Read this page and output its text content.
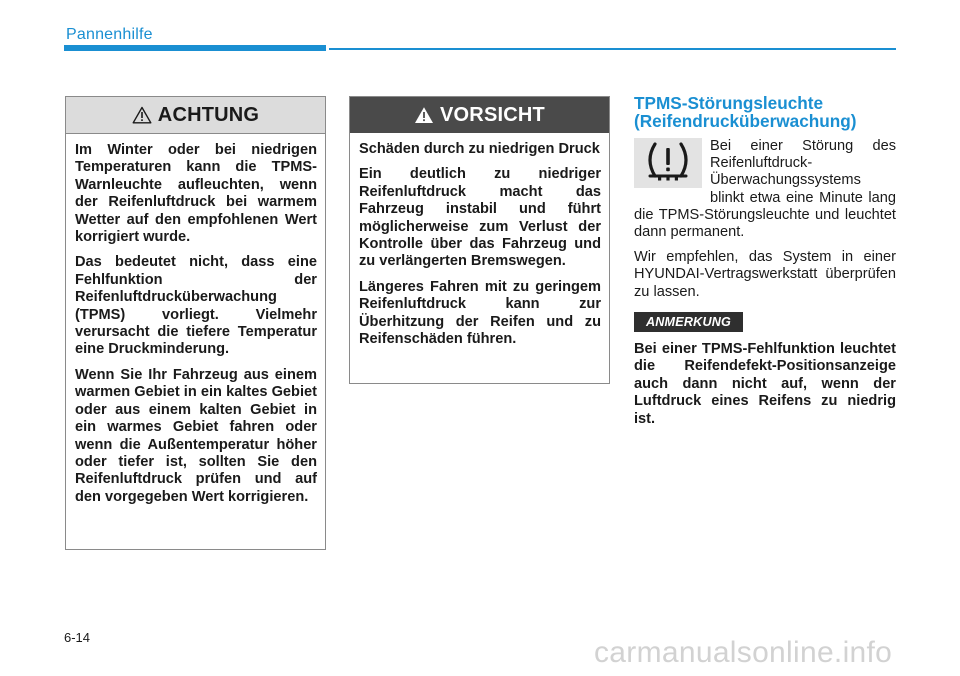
Pannenhilfe
ACHTUNG

Im Winter oder bei niedrigen Temperaturen kann die TPMS-Warnleuchte aufleuchten, wenn der Reifenluftdruck bei warmem Wetter auf den empfohlenen Wert korrigiert wurde.

Das bedeutet nicht, dass eine Fehlfunktion der Reifenluftdrucküberwachung (TPMS) vorliegt. Vielmehr verursacht die tiefere Temperatur eine Druckminderung.

Wenn Sie Ihr Fahrzeug aus einem warmen Gebiet in ein kaltes Gebiet oder aus einem kalten Gebiet in ein warmes Gebiet fahren oder wenn die Außentemperatur höher oder tiefer ist, sollten Sie den Reifenluftdruck prüfen und auf den vorgegeben Wert korrigieren.

VORSICHT

Schäden durch zu niedrigen Druck

Ein deutlich zu niedriger Reifenluftdruck macht das Fahrzeug instabil und führt möglicherweise zum Verlust der Kontrolle über das Fahrzeug und zu verlängerten Bremswegen.

Längeres Fahren mit zu geringem Reifenluftdruck kann zur Überhitzung der Reifen und zu Reifenschäden führen.

TPMS-Störungsleuchte (Reifendrucküberwachung)

Bei einer Störung des Reifenluftdruck-Überwachungssystems blinkt etwa eine Minute lang die TPMS-Störungsleuchte und leuchtet dann permanent.

Wir empfehlen, das System in einer HYUNDAI-Vertragswerkstatt überprüfen zu lassen.

ANMERKUNG

Bei einer TPMS-Fehlfunktion leuchtet die Reifendefekt-Positionsanzeige auch dann nicht auf, wenn der Luftdruck eines Reifens zu niedrig ist.

6-14	carmanualsonline.info
